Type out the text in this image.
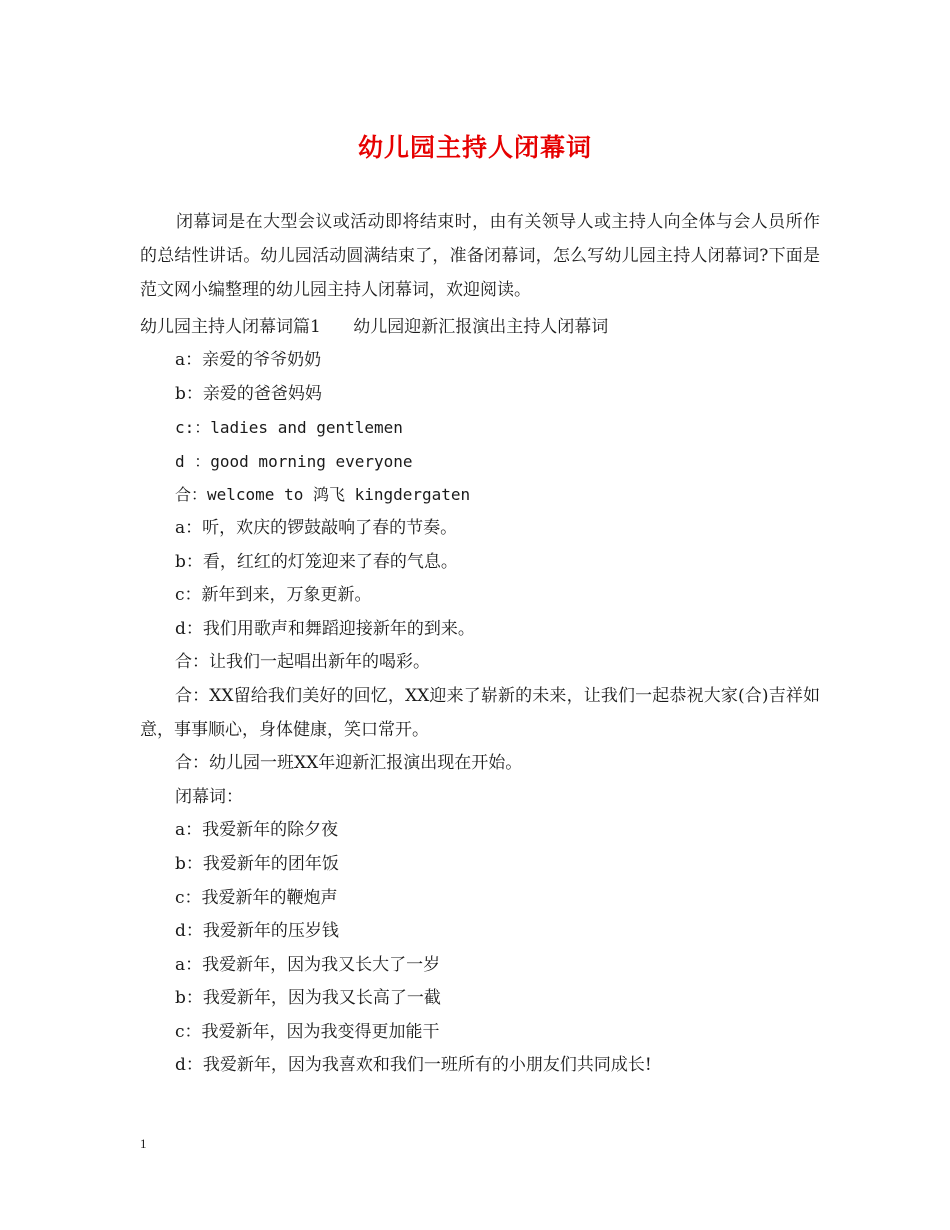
幼儿园主持人闭幕词

闭幕词是在大型会议或活动即将结束时，由有关领导人或主持人向全体与会人员所作的总结性讲话。幼儿园活动圆满结束了，准备闭幕词，怎么写幼儿园主持人闭幕词?下面是范文网小编整理的幼儿园主持人闭幕词，欢迎阅读。

幼儿园主持人闭幕词篇1      幼儿园迎新汇报演出主持人闭幕词

a：亲爱的爷爷奶奶
b：亲爱的爸爸妈妈
c:：ladies and gentlemen
d ：good morning everyone
合：welcome to 鸿飞 kingdergaten
a：听，欢庆的锣鼓敲响了春的节奏。
b：看，红红的灯笼迎来了春的气息。
c：新年到来，万象更新。
d：我们用歌声和舞蹈迎接新年的到来。
合：让我们一起唱出新年的喝彩。

合：XX留给我们美好的回忆，XX迎来了崭新的未来，让我们一起恭祝大家(合)吉祥如意，事事顺心，身体健康，笑口常开。

合：幼儿园一班XX年迎新汇报演出现在开始。
闭幕词：
a：我爱新年的除夕夜
b：我爱新年的团年饭
c：我爱新年的鞭炮声
d：我爱新年的压岁钱
a：我爱新年，因为我又长大了一岁
b：我爱新年，因为我又长高了一截
c：我爱新年，因为我变得更加能干
d：我爱新年，因为我喜欢和我们一班所有的小朋友们共同成长!
1
